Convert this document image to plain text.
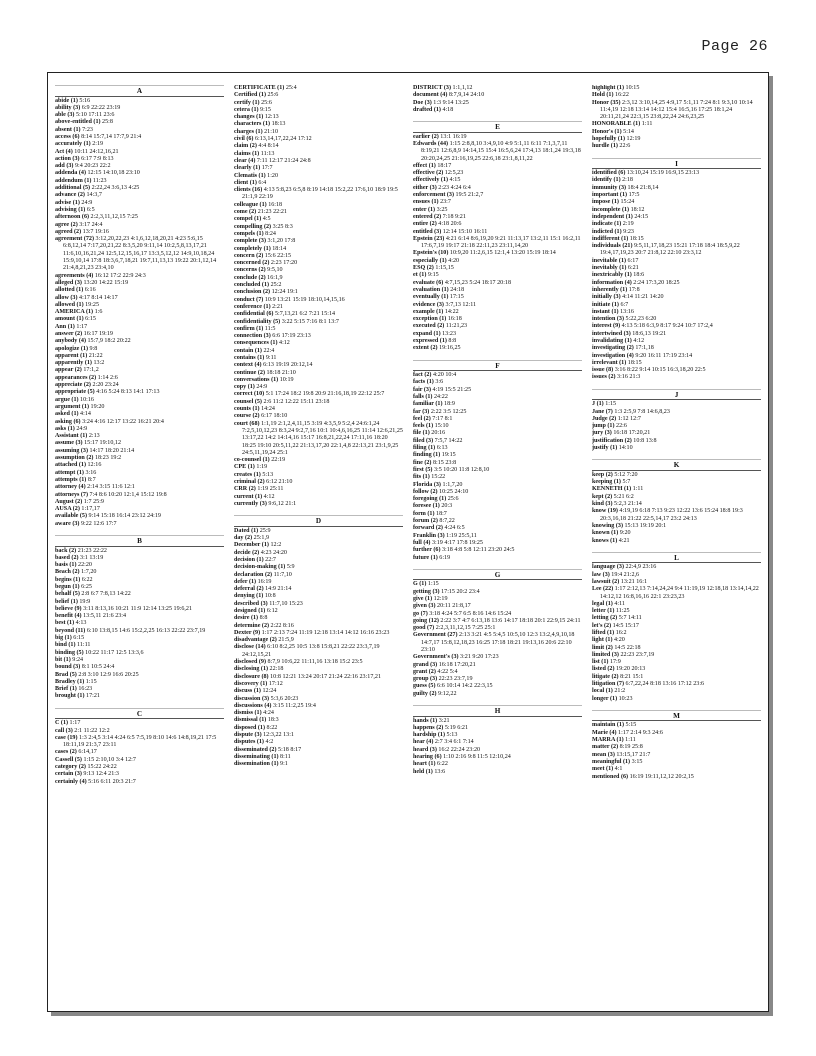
Page 26
A
abide (1) 5:16
ability (3) 6:9 22:22 23:19
able (3) 5:10 17:11 23:6
above-entitled (1) 25:8
absent (1) 7:23
access (6) 8:14 15:7,14 17:7,9 21:4
accurately (1) 2:19
Act (4) 10:11 24:12,16,21
action (3) 6:17 7:9 8:13
add (3) 9:4 20:23 22:2
addenda (4) 12:15 14:10,18 23:10
addendum (1) 11:23
additional (5) 2:22,24 3:6,13 4:25
advance (2) 14:3,7
advise (1) 24:9
advising (1) 6:5
afternoon (6) 2:2,3,11,12,15 7:25
agree (2) 3:17 24:4
agreed (2) 13:7 19:16
agreement (72) 3:12,20,22,23 4:1,6,12,18,20,21 4:23 5:6,15 6:8,12,14 7:17,20,21,22 8:3,5,20 9:11,14 10:2,5,8,13,17,21 11:6,10,16,21,24 12:5,12,15,16,17 13:3,5,12,12 14:9,10,18,24 15:9,10,14 17:8 18:3,6,7,18,21 19:7,11,13,13 19:22 20:1,12,14 21:4,8,21,23 23:4,10
agreements (4) 16:12 17:2 22:9 24:3
alleged (3) 13:20 14:22 15:19
allotted (1) 6:16
allow (3) 4:17 8:14 14:17
allowed (1) 19:25
AMERICA (1) 1:6
amount (1) 6:15
Ann (1) 1:17
answer (2) 16:17 19:19
anybody (4) 15:7,9 18:2 20:22
apologize (1) 9:8
apparent (1) 21:22
apparently (1) 13:2
appear (2) 17:1,2
appearances (2) 1:14 2:6
appreciate (2) 2:20 23:24
appropriate (5) 4:16 5:24 8:13 14:1 17:13
argue (1) 10:16
argument (1) 19:20
asked (1) 4:14
asking (6) 3:24 4:16 12:17 13:22 16:21 20:4
asks (1) 24:9
Assistant (1) 2:13
assume (3) 15:17 19:10,12
assuming (3) 14:17 18:20 21:14
assumption (2) 18:23 19:2
attached (1) 12:16
attempt (1) 3:16
attempts (1) 8:7
attorney (4) 2:14 3:15 11:6 12:1
attorneys (7) 7:4 8:6 10:20 12:1,4 15:12 19:8
August (2) 1:7 25:9
AUSA (2) 1:17,17
available (5) 9:14 15:18 16:14 23:12 24:19
aware (3) 9:22 12:6 17:7
B
back (2) 21:23 22:22
based (2) 3:1 13:19
basis (1) 22:20
Beach (2) 1:7,20
begins (1) 6:22
begun (1) 6:25
behalf (5) 2:8 6:7 7:8,13 14:22
belief (1) 19:9
believe (9) 3:11 8:13,16 10:21 11:9 12:14 13:25 19:6,21
benefit (4) 13:5,11 21:6 23:4
best (1) 4:13
beyond (11) 6:10 13:8,15 14:6 15:2,2,25 16:13 22:22 23:7,19
big (1) 6:15
bind (1) 11:11
binding (5) 10:22 11:17 12:5 13:3,6
bit (1) 9:24
bound (3) 8:1 10:5 24:4
Brad (5) 2:8 3:10 12:9 16:6 20:25
Bradley (1) 1:15
Brief (1) 16:23
brought (1) 17:21
C
C (1) 1:17
call (3) 2:1 11:22 12:2
case (19) 1:3 2:4,5 3:14 4:24 6:5 7:5,19 8:10 14:6 14:8,19,21 17:5 18:11,19 21:3,7 23:11
cases (2) 6:14,17
Cassell (5) 1:15 2:10,10 3:4 12:7
category (2) 15:22 24:22
certain (3) 9:13 12:4 21:3
certainly (4) 5:16 6:11 20:3 21:7
CERTIFICATE (1) 25:4
Certified (1) 25:6
certify (1) 25:6
cetera (1) 9:15
changes (1) 12:13
characters (1) 18:13
charges (1) 21:10
civil (6) 6:13,14,17,22,24 17:12
claim (2) 4:4 8:14
claims (1) 11:13
clear (4) 7:11 12:17 21:24 24:8
clearly (1) 17:7
Clematis (1) 1:20
client (1) 6:4
clients (16) 4:13 5:8,23 6:5,8 8:19 14:18 15:2,22 17:6,10 18:9 19:5 21:1,9 22:19
colleague (1) 16:18
come (2) 21:23 22:21
compel (1) 4:5
compelling (2) 3:25 8:3
compels (1) 8:24
complete (3) 3:1,20 17:8
completely (1) 18:14
concern (2) 15:6 22:15
concerned (2) 2:23 17:20
concerns (2) 9:5,10
conclude (2) 16:1,9
concluded (1) 25:2
conclusion (2) 12:24 19:1
conduct (7) 10:9 13:21 15:19 18:10,14,15,16
conference (1) 2:21
confidential (6) 5:7,13,21 6:2 7:21 15:14
confidentiality (5) 3:22 5:15 7:16 8:1 13:7
confirm (1) 11:5
connection (3) 6:6 17:19 23:13
consequences (1) 4:12
contain (1) 22:4
contains (1) 9:11
context (4) 6:13 19:19 20:12,14
continue (2) 18:18 21:10
conversations (1) 10:19
copy (1) 24:9
correct (10) 5:1 17:24 18:2 19:8 20:9 21:16,18,19 22:12 25:7
counsel (5) 2:6 11:2 12:22 15:11 23:18
counts (1) 14:24
course (2) 6:17 18:10
court (68) 1:1,19 2:1,2,4,11,15 3:19 4:3,5,9 5:2,4 24:6:1,24 7:2,5,10,12,23 8:3,24 9:2,7,16 10:1 10:4,6,16,25 11:14 12:6,21,25 13:17,22 14:2 14:14,16 15:17 16:8,21,22,24 17:11,16 18:20 18:25 19:10 20:5,11,22 21:13,17,20 22:1,4,8 22:13,21 23:1,9,25 24:5,11,19,24 25:1
co-counsel (1) 22:19
CPE (1) 1:19
creates (1) 5:13
criminal (2) 6:12 21:10
CRR (2) 1:19 25:11
current (1) 4:12
currently (3) 9:6,12 21:1
D
Dated (1) 25:9
day (2) 25:1,9
December (1) 12:2
decide (2) 4:23 24:20
decision (1) 22:7
decision-making (1) 5:9
declaration (2) 11:7,10
defer (1) 16:19
deferral (2) 14:9 21:14
denying (1) 10:8
described (3) 11:7,10 15:23
designed (1) 6:12
desire (1) 8:8
determine (2) 2:22 8:16
Dexter (9) 1:17 2:13 7:24 11:19 12:18 13:14 14:12 16:16 23:23
disadvantage (2) 21:5,9
disclose (14) 6:10 8:2,25 10:5 13:8 15:8,21 22:22 23:3,7,19 24:12,15,21
disclosed (9) 8:7,9 10:6,22 11:11,16 13:18 15:2 23:5
disclosing (1) 22:18
disclosure (8) 10:8 12:21 13:24 20:17 21:24 22:16 23:17,21
discovery (1) 17:12
discuss (1) 12:24
discussion (3) 5:3,6 20:23
discussions (4) 3:15 11:2,25 19:4
dismiss (1) 4:24
dismissal (1) 18:3
disposed (1) 8:22
dispute (3) 12:3,22 13:1
disputes (1) 4:2
disseminated (2) 5:18 8:17
disseminating (1) 8:11
dissemination (1) 9:1
DISTRICT (3) 1:1,1,12
document (4) 8:7,9,14 24:10
Doe (3) 1:3 9:14 13:25
drafted (1) 4:18
E
earlier (2) 13:1 16:19
Edwards (44) 1:15 2:8,8,10 3:4,9,10 4:9 5:1,11 6:11 7:1,3,7,11 8:19,21 12:6,8,9 14:14,15 15:4 16:5,6,24 17:4,13 18:1,24 19:3,18 20:20,24,25 21:16,19,25 22:6,18 23:1,8,11,22
effect (1) 18:17
effective (2) 12:5,23
effectively (1) 4:15
either (3) 2:23 4:24 6:4
enforcement (3) 19:5 21:2,7
ensues (1) 23:7
enter (1) 3:25
entered (2) 7:18 9:21
entire (2) 4:18 20:6
entitled (3) 12:14 15:10 16:11
Epstein (23) 4:21 6:14 8:6,19,20 9:21 11:13,17 13:2,11 15:1 16:2,11 17:6,7,19 19:17 21:18 22:11,23 23:11,14,20
Epstein's (10) 10:9,20 11:2,6,15 12:1,4 13:20 15:19 18:14
especially (1) 4:20
ESQ (2) 1:15,15
et (1) 9:15
evaluate (6) 4:7,15,23 5:24 18:17 20:18
evaluation (1) 24:18
eventually (1) 17:15
evidence (3) 3:7,13 12:11
example (1) 14:22
exception (1) 16:18
executed (2) 11:21,23
expand (1) 13:23
expressed (1) 8:8
extent (2) 19:16,25
F
fact (2) 4:20 10:4
facts (1) 3:6
fair (3) 4:19 15:5 21:25
falls (1) 24:22
familiar (1) 18:9
far (3) 2:22 3:5 12:25
feel (2) 7:17 8:1
feels (1) 15:10
file (1) 20:16
filed (3) 7:5,7 14:22
filing (1) 6:13
finding (1) 19:15
fine (2) 8:15 23:8
first (5) 3:5 10:20 11:8 12:8,10
fits (1) 15:22
Florida (3) 1:1,7,20
follow (2) 10:25 24:10
foregoing (1) 25:6
foresee (1) 20:3
form (1) 18:7
forum (2) 8:7,22
forward (2) 4:24 6:5
Franklin (3) 1:19 25:5,11
full (4) 3:19 4:17 17:8 19:25
further (6) 3:18 4:8 5:8 12:11 23:20 24:5
future (1) 6:19
G
G (1) 1:15
getting (3) 17:15 20:2 23:4
give (1) 12:19
given (3) 20:11 21:8,17
go (7) 3:18 4:24 5:7 6:5 8:16 14:6 15:24
going (12) 2:22 3:7 4:7 6:13,18 13:6 14:17 18:18 20:1 22:9,15 24:11
good (7) 2:2,3,11,12,15 7:25 25:1
Government (27) 2:13 3:21 4:5 5:4,5 10:5,10 12:3 13:2,4,9,10,18 14:7,17 15:8,12,18,23 16:25 17:18 18:21 19:13,16 20:6 22:10 23:10
Government's (3) 3:21 9:20 17:23
grand (3) 16:18 17:20,21
grant (2) 4:22 5:4
group (3) 22:23 23:7,19
guess (5) 6:6 10:14 14:2 22:3,15
guilty (2) 9:12,22
H
hands (1) 3:21
happens (2) 5:19 6:21
hardship (1) 5:13
hear (4) 2:7 3:4 6:1 7:14
heard (3) 16:2 22:24 23:20
hearing (6) 1:10 2:16 9:8 11:5 12:10,24
heart (1) 6:22
held (1) 13:6
highlight (1) 10:15
Hold (1) 16:22
Honor (35) 2:3,12 3:10,14,25 4:9,17 5:1,11 7:24 8:1 9:3,10 10:14 11:4,19 12:18 13:14 14:12 15:4 16:5,16 17:25 18:1,24 20:11,21,24 22:3,15 23:8,22,24 24:6,23,25
HONORABLE (1) 1:11
Honor's (1) 5:14
hopefully (1) 12:19
hurdle (1) 22:6
I
identified (6) 13:10,24 15:19 16:9,15 23:13
identify (1) 2:18
immunity (3) 18:4 21:8,14
important (1) 17:5
impose (1) 15:24
incomplete (1) 18:12
independent (1) 24:15
indicate (1) 2:19
indicted (1) 9:23
indifferent (1) 18:15
individuals (21) 9:5,11,17,18,23 15:21 17:18 18:4 18:5,9,22 19:4,17,19,23 20:7 21:8,12 22:10 23:3,12
inevitable (1) 6:17
inevitably (1) 6:21
inextricably (1) 18:6
information (4) 2:24 17:3,20 18:25
inherently (1) 17:8
initially (3) 4:14 11:21 14:20
initiate (1) 6:7
instant (1) 13:16
intention (3) 5:22,23 6:20
interest (9) 4:13 5:18 6:3,9 8:17 9:24 10:7 17:2,4
intertwined (3) 18:6,13 19:21
invalidating (1) 4:12
investigating (2) 17:1,18
investigation (4) 9:20 16:11 17:19 23:14
irrelevant (1) 18:15
issue (8) 3:16 8:22 9:14 10:15 16:3,18,20 22:5
issues (2) 3:16 21:3
J
J (1) 1:15
Jane (7) 1:3 2:5,9 7:8 14:6,8,23
Judge (2) 1:12 12:7
jump (1) 22:6
jury (3) 16:18 17:20,21
justification (2) 10:8 13:8
justify (1) 14:10
K
keep (2) 5:12 7:20
keeping (1) 5:7
KENNETH (1) 1:11
kept (2) 5:21 6:2
kind (3) 5:2,3 21:14
know (19) 4:19,19 6:18 7:13 9:23 12:22 13:6 15:24 18:8 19:3 20:3,16,18 21:22 22:5,14,17 23:2 24:13
knowing (3) 15:13 19:19 20:1
known (1) 9:20
knows (1) 4:21
L
language (3) 22:4,9 23:16
law (3) 19:4 21:2,6
lawsuit (2) 13:21 16:1
Lee (22) 1:17 2:12,13 7:14,24,24 9:4 11:19,19 12:18,18 13:14,14,22 14:12,12 16:8,16,16 22:1 23:23,23
legal (1) 4:11
letter (1) 11:25
letting (2) 5:7 14:11
let's (2) 14:5 15:17
lifted (1) 16:2
light (1) 4:20
limit (2) 14:5 22:18
limited (3) 22:23 23:7,19
list (1) 17:9
listed (2) 19:20 20:13
litigate (2) 8:21 15:1
litigation (7) 6:7,22,24 8:18 13:16 17:12 23:6
local (1) 21:2
longer (1) 10:23
M
maintain (1) 5:15
Marie (4) 1:17 2:14 9:3 24:6
MARRA (1) 1:11
matter (2) 8:19 25:8
mean (3) 13:15,17 21:7
meaningful (1) 3:15
meet (1) 4:1
mentioned (6) 16:19 19:11,12,12 20:2,15
